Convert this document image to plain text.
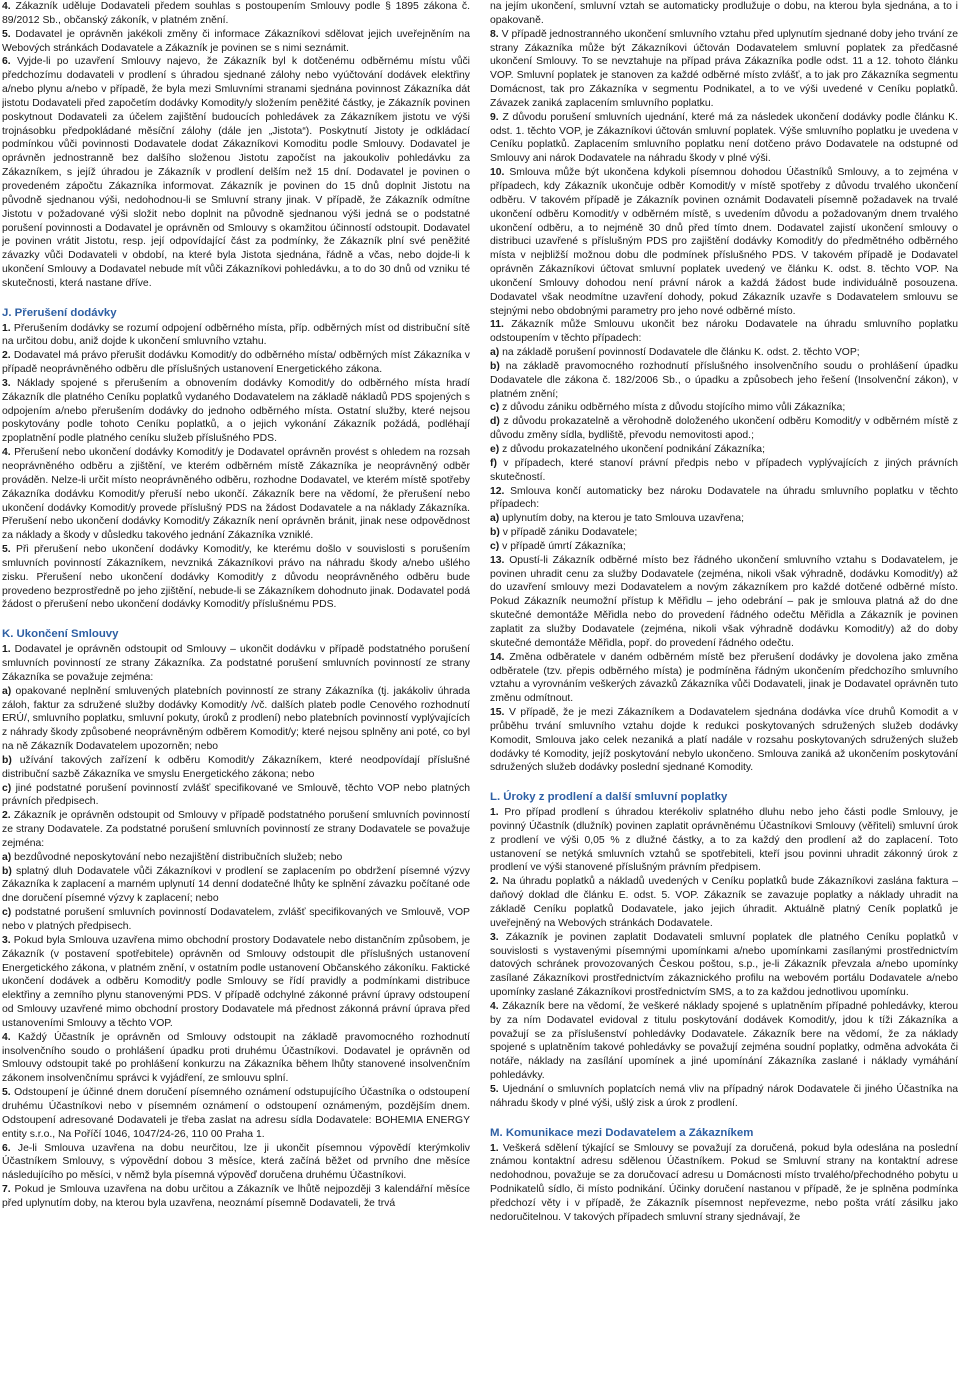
4. Zákazník uděluje Dodavateli předem souhlas s postoupením Smlouvy podle § 1895 zákona č. 89/2012 Sb., občanský zákoník, v platném znění.

5. Dodavatel je oprávněn jakékoli změny či informace Zákazníkovi sdělovat jejich uveřejněním na Webových stránkách Dodavatele a Zákazník je povinen se s nimi seznámit.

6. Vyjde-li po uzavření Smlouvy najevo, že Zákazník byl k dotčenému odběrnému místu vůči předchozímu dodavateli v prodlení s úhradou sjednané zálohy nebo vyúčtování dodávek elektřiny a/nebo plynu a/nebo v případě, že byla mezi Smluvními stranami sjednána povinnost Zákazníka dát jistotu Dodavateli před započetím dodávky Komodity/y složením peněžité částky, je Zákazník povinen poskytnout Dodavateli za účelem zajištění budoucích pohledávek za Zákazníkem jistotu ve výši trojnásobku předpokládané měsíční zálohy (dále jen „Jistota“). Poskytnutí Jistoty je odkládací podmínkou vůči povinnosti Dodavatele dodat Zákazníkovi Komoditu podle Smlouvy. Dodavatel je oprávněn jednostranně bez dalšího složenou Jistotu započíst na jakoukoliv pohledávku za Zákazníkem, s jejíž úhradou je Zákazník v prodlení delším než 15 dní. Dodavatel je povinen o provedeném zápočtu Zákazníka informovat. Zákazník je povinen do 15 dnů doplnit Jistotu na původně sjednanou výši, nedohodnou-li se Smluvní strany jinak. V případě, že Zákazník odmítne Jistotu v požadované výši složit nebo doplnit na původně sjednanou výši jedná se o podstatné porušení povinnosti a Dodavatel je oprávněn od Smlouvy s okamžitou účinností odstoupit. Dodavatel je povinen vrátit Jistotu, resp. její odpovídající část za podmínky, že Zákazník plní své peněžité závazky vůči Dodavateli v období, na které byla Jistota sjednána, řádně a včas, nebo dojde-li k ukončení Smlouvy a Dodavatel nebude mít vůči Zákazníkovi pohledávku, a to do 30 dnů od vzniku té skutečnosti, která nastane dříve.

J. Přerušení dodávky

1. Přerušením dodávky se rozumí odpojení odběrného místa, příp. odběrných míst od distribuční sítě na určitou dobu, aniž dojde k ukončení smluvního vztahu.

2. Dodavatel má právo přerušit dodávku Komodit/y do odběrného místa/ odběrných míst Zákazníka v případě neoprávněného odběru dle příslušných ustanovení Energetického zákona.

3. Náklady spojené s přerušením a obnovením dodávky Komodit/y do odběrného místa hradí Zákazník dle platného Ceníku poplatků vydaného Dodavatelem na základě nákladů PDS spojených s odpojením a/nebo přerušením dodávky do jednoho odběrného místa. Ostatní služby, které nejsou poskytovány podle tohoto Ceníku poplatků, a o jejich vykonání Zákazník požádá, podléhají zpoplatnění podle platného ceníku služeb příslušného PDS.

4. Přerušení nebo ukončení dodávky Komodit/y je Dodavatel oprávněn provést s ohledem na rozsah neoprávněného odběru a zjištění, ve kterém odběrném místě Zákazníka je neoprávněný odběr prováděn. Nelze-li určit místo neoprávněného odběru, rozhodne Dodavatel, ve kterém místě spotřeby Zákazníka dodávku Komodit/y přeruší nebo ukončí. Zákazník bere na vědomí, že přerušení nebo ukončení dodávky Komodit/y provede příslušný PDS na žádost Dodavatele a na náklady Zákazníka. Přerušení nebo ukončení dodávky Komodit/y Zákazník není oprávněn bránit, jinak nese odpovědnost za náklady a škody v důsledku takového jednání Zákazníka vzniklé.

5. Při přerušení nebo ukončení dodávky Komodit/y, ke kterému došlo v souvislosti s porušením smluvních povinností Zákazníkem, nevzniká Zákazníkovi právo na náhradu škody a/nebo ušlého zisku. Přerušení nebo ukončení dodávky Komodit/y z důvodu neoprávněného odběru bude provedeno bezprostředně po jeho zjištění, nebude-li se Zákazníkem dohodnuto jinak. Dodavatel podá žádost o přerušení nebo ukončení dodávky Komodit/y příslušnému PDS.

K. Ukončení Smlouvy

1. Dodavatel je oprávněn odstoupit od Smlouvy – ukončit dodávku v případě podstatného porušení smluvních povinností ze strany Zákazníka. Za podstatné porušení smluvních povinností ze strany Zákazníka se považuje zejména:

a) opakované neplnění smluvených platebních povinností ze strany Zákazníka (tj. jakákoliv úhrada záloh, faktur za sdružené služby dodávky Komodit/y /vč. dalších plateb podle Cenového rozhodnutí ERÚ/, smluvního poplatku, smluvní pokuty, úroků z prodlení) nebo platebních povinností vyplývajících z náhrady škody způsobené neoprávněným odběrem Komodit/y; které nejsou splněny ani poté, co byl na ně Zákazník Dodavatelem upozorněn; nebo

b) užívání takových zařízení k odběru Komodit/y Zákazníkem, které neodpovídají příslušné distribuční sazbě Zákazníka ve smyslu Energetického zákona; nebo

c) jiné podstatné porušení povinností zvlášť specifikované ve Smlouvě, těchto VOP nebo platných právních předpisech.

2. Zákazník je oprávněn odstoupit od Smlouvy v případě podstatného porušení smluvních povinností ze strany Dodavatele. Za podstatné porušení smluvních povinností ze strany Dodavatele se považuje zejména:

a) bezdůvodné neposkytování nebo nezajištění distribučních služeb; nebo

b) splatný dluh Dodavatele vůči Zákazníkovi v prodlení se zaplacením po obdržení písemné výzvy Zákazníka k zaplacení a marném uplynutí 14 denní dodatečné lhůty ke splnění závazku počítané ode dne doručení písemné výzvy k zaplacení; nebo

c) podstatné porušení smluvních povinností Dodavatelem, zvlášť specifikovaných ve Smlouvě, VOP nebo v platných předpisech.

3. Pokud byla Smlouva uzavřena mimo obchodní prostory Dodavatele nebo distančním způsobem, je Zákazník (v postavení spotřebitele) oprávněn od Smlouvy odstoupit dle příslušných ustanovení Energetického zákona, v platném znění, v ostatním podle ustanovení Občanského zákoníku. Faktické ukončení dodávek a odběru Komodit/y podle Smlouvy se řídí pravidly a podmínkami distribuce elektřiny a zemního plynu stanovenými PDS. V případě odchylné zákonné právní úpravy odstoupení od Smlouvy uzavřené mimo obchodní prostory Dodavatele má přednost zákonná právní úprava před ustanoveními Smlouvy a těchto VOP.

4. Každý Účastník je oprávněn od Smlouvy odstoupit na základě pravomocného rozhodnutí insolvenčního soudo o prohlášení úpadku proti druhému Účastníkovi. Dodavatel je oprávněn od Smlouvy odstoupit také po prohlášení konkurzu na Zákazníka během lhůty stanovené insolvenčním zákonem insolvenčnímu správci k vyjádření, ze smlouvu splní.

5. Odstoupení je účinné dnem doručení písemného oznámení odstupujícího Účastníka o odstoupení druhému Účastníkovi nebo v písemném oznámení o odstoupení oznámeným, pozdějším dnem. Odstoupení adresované Dodavateli je třeba zaslat na adresu sídla Dodavatele: BOHEMIA ENERGY entity s.r.o., Na Poříčí 1046, 1047/24-26, 110 00 Praha 1.

6. Je-li Smlouva uzavřena na dobu neurčitou, lze ji ukončit písemnou výpovědí kterýmkoliv Účastníkem Smlouvy, s výpovědní dobou 3 měsíce, která začíná běžet od prvního dne měsíce následujícího po měsíci, v němž byla písemná výpověď doručena druhému Účastníkovi.

7. Pokud je Smlouva uzavřena na dobu určitou a Zákazník ve lhůtě nejpozději 3 kalendářní měsíce před uplynutím doby, na kterou byla uzavřena, neoznámí písemně Dodavateli, že trvá

na jejím ukončení, smluvní vztah se automaticky prodlužuje o dobu, na kterou byla sjednána, a to i opakovaně.

8. V případě jednostranného ukončení smluvního vztahu před uplynutím sjednané doby jeho trvání ze strany Zákazníka může být Zákazníkovi účtován Dodavatelem smluvní poplatek za předčasné ukončení Smlouvy. To se nevztahuje na případ práva Zákazníka podle odst. 11 a 12. tohoto článku VOP. Smluvní poplatek je stanoven za každé odběrné místo zvlášť, a to jak pro Zákazníka segmentu Domácnost, tak pro Zákazníka v segmentu Podnikatel, a to ve výši uvedené v Ceníku poplatků. Závazek zaniká zaplacením smluvního poplatku.

9. Z důvodu porušení smluvních ujednání, které má za následek ukončení dodávky podle článku K. odst. 1. těchto VOP, je Zákazníkovi účtován smluvní poplatek. Výše smluvního poplatku je uvedena v Ceníku poplatků. Zaplacením smluvního poplatku není dotčeno právo Dodavatele na odstupné od Smlouvy ani nárok Dodavatele na náhradu škody v plné výši.

10. Smlouva může být ukončena kdykoli písemnou dohodou Účastníků Smlouvy, a to zejména v případech, kdy Zákazník ukončuje odběr Komodit/y v místě spotřeby z důvodu trvalého ukončení odběru. V takovém případě je Zákazník povinen oznámit Dodavateli písemně požadavek na trvalé ukončení odběru Komodit/y v odběrném místě, s uvedením důvodu a požadovaným dnem trvalého ukončení odběru, a to nejméně 30 dnů před tímto dnem. Dodavatel zajistí ukončení smlouvy o distribuci uzavřené s příslušným PDS pro zajištění dodávky Komodit/y do předmětného odběrného místa v nejbližší možnou dobu dle podmínek příslušného PDS. V takovém případě je Dodavatel oprávněn Zákazníkovi účtovat smluvní poplatek uvedený ve článku K. odst. 8. těchto VOP. Na ukončení Smlouvy dohodou není právní nárok a každá žádost bude individuálně posouzena. Dodavatel však neodmítne uzavření dohody, pokud Zákazník uzavře s Dodavatelem smlouvu se stejnými nebo obdobnými parametry pro jeho nové odběrné místo.

11. Zákazník může Smlouvu ukončit bez nároku Dodavatele na úhradu smluvního poplatku odstoupením v těchto případech:

a) na základě porušení povinností Dodavatele dle článku K. odst. 2. těchto VOP;

b) na základě pravomocného rozhodnutí příslušného insolvenčního soudu o prohlášení úpadku Dodavatele dle zákona č. 182/2006 Sb., o úpadku a způsobech jeho řešení (Insolvenční zákon), v platném znění;

c) z důvodu zániku odběrného místa z důvodu stojícího mimo vůli Zákazníka;

d) z důvodu prokazatelně a věrohodně doloženého ukončení odběru Komodit/y v odběrném místě z důvodu změny sídla, bydliště, převodu nemovitosti apod.;

e) z důvodu prokazatelného ukončení podnikání Zákazníka;

f) v případech, které stanoví právní předpis nebo v případech vyplývajících z jiných právních skutečností.

12. Smlouva končí automaticky bez nároku Dodavatele na úhradu smluvního poplatku v těchto případech:

a) uplynutím doby, na kterou je tato Smlouva uzavřena;

b) v případě zániku Dodavatele;

c) v případě úmrtí Zákazníka;

13. Opustí-li Zákazník odběrné místo bez řádného ukončení smluvního vztahu s Dodavatelem, je povinen uhradit cenu za služby Dodavatele (zejména, nikoli však výhradně, dodávku Komodit/y) až do uzavření smlouvy mezi Dodavatelem a novým zákazníkem pro každé dotčené odběrné místo. Pokud Zákazník neumožní přístup k Měřidlu – jeho odebrání – pak je smlouva platná až do dne skutečné demontáže Měřidla nebo do provedení řádného odečtu Měřidla a Zákazník je povinen zaplatit za služby Dodavatele (zejména, nikoli však výhradně dodávku Komodit/y) až do doby skutečné demontáže Měřidla, popř. do provedení řádného odečtu.

14. Změna odběratele v daném odběrném místě bez přerušení dodávky je dovolena jako změna odběratele (tzv. přepis odběrného místa) je podmíněna řádným ukončením předchozího smluvního vztahu a vyrovnáním veškerých závazků Zákazníka vůči Dodavateli, jinak je Dodavatel oprávněn tuto změnu odmítnout.

15. V případě, že je mezi Zákazníkem a Dodavatelem sjednána dodávka více druhů Komodit a v průběhu trvání smluvního vztahu dojde k redukci poskytovaných sdružených služeb dodávky Komodit, Smlouva jako celek nezaniká a platí nadále v rozsahu poskytovaných sdružených služeb dodávky té Komodity, jejíž poskytování nebylo ukončeno. Smlouva zaniká až ukončením poskytování sdružených služeb dodávky poslední sjednané Komodity.

L. Úroky z prodlení a další smluvní poplatky

1. Pro případ prodlení s úhradou kterékoliv splatného dluhu nebo jeho části podle Smlouvy, je povinný Účastník (dlužník) povinen zaplatit oprávněnému Účastníkovi Smlouvy (věřiteli) smluvní úrok z prodlení ve výši 0,05 % z dlužné částky, a to za každý den prodlení až do zaplacení. Toto ustanovení se netýká smluvních vztahů se spotřebiteli, kteří jsou povinni uhradit zákonný úrok z prodlení ve výši stanovené příslušným právním předpisem.

2. Na úhradu poplatků a nákladů uvedených v Ceníku poplatků bude Zákazníkovi zaslána faktura – daňový doklad dle článku E. odst. 5. VOP. Zákazník se zavazuje poplatky a náklady uhradit na základě Ceníku poplatků Dodavatele, jako jejich úhradit. Aktuálně platný Ceník poplatků je uveřejněný na Webových stránkách Dodavatele.

3. Zákazník je povinen zaplatit Dodavateli smluvní poplatek dle platného Ceníku poplatků v souvislosti s vystavenými písemnými upomínkami a/nebo upomínkami zasílanými prostřednictvím datových schránek provozovaných Českou poštou, s.p., je-li Zákazník převzala a/nebo upomínky zasílané Zákazníkovi prostřednictvím zákaznického profilu na webovém portálu Dodavatele a/nebo upomínky zaslané Zákazníkovi prostřednictvím SMS, a to za každou jednotlivou upomínku.

4. Zákazník bere na vědomí, že veškeré náklady spojené s uplatněním případné pohledávky, kterou by za ním Dodavatel evidoval z titulu poskytování dodávek Komodit/y, jdou k tíži Zákazníka a považují se za příslušenství pohledávky Dodavatele. Zákazník bere na vědomí, že za náklady spojené s uplatněním takové pohledávky se považují zejména soudní poplatky, odměna advokáta či notáře, náklady na zasílání upomínek a jiné upomínání Zákazníka zaslané i náklady vymáhání pohledávky.

5. Ujednání o smluvních poplatcích nemá vliv na případný nárok Dodavatele či jiného Účastníka na náhradu škody v plné výši, ušlý zisk a úrok z prodlení.

M. Komunikace mezi Dodavatelem a Zákazníkem

1. Veškerá sdělení týkající se Smlouvy se považují za doručená, pokud byla odeslána na poslední známou kontaktní adresu sdělenou Účastníkem. Pokud se Smluvní strany na kontaktní adrese nedohodnou, považuje se za doručovací adresu u Domácnosti místo trvalého/přechodného pobytu u Podnikatelů sídlo, či místo podnikání. Účinky doručení nastanou v případě, že je splněna podmínka předchozí věty i v případě, že Zákazník písemnost nepřevezme, nebo pošta vrátí zásilku jako nedoručitelnou. V takových případech smluvní strany sjednávají, že
